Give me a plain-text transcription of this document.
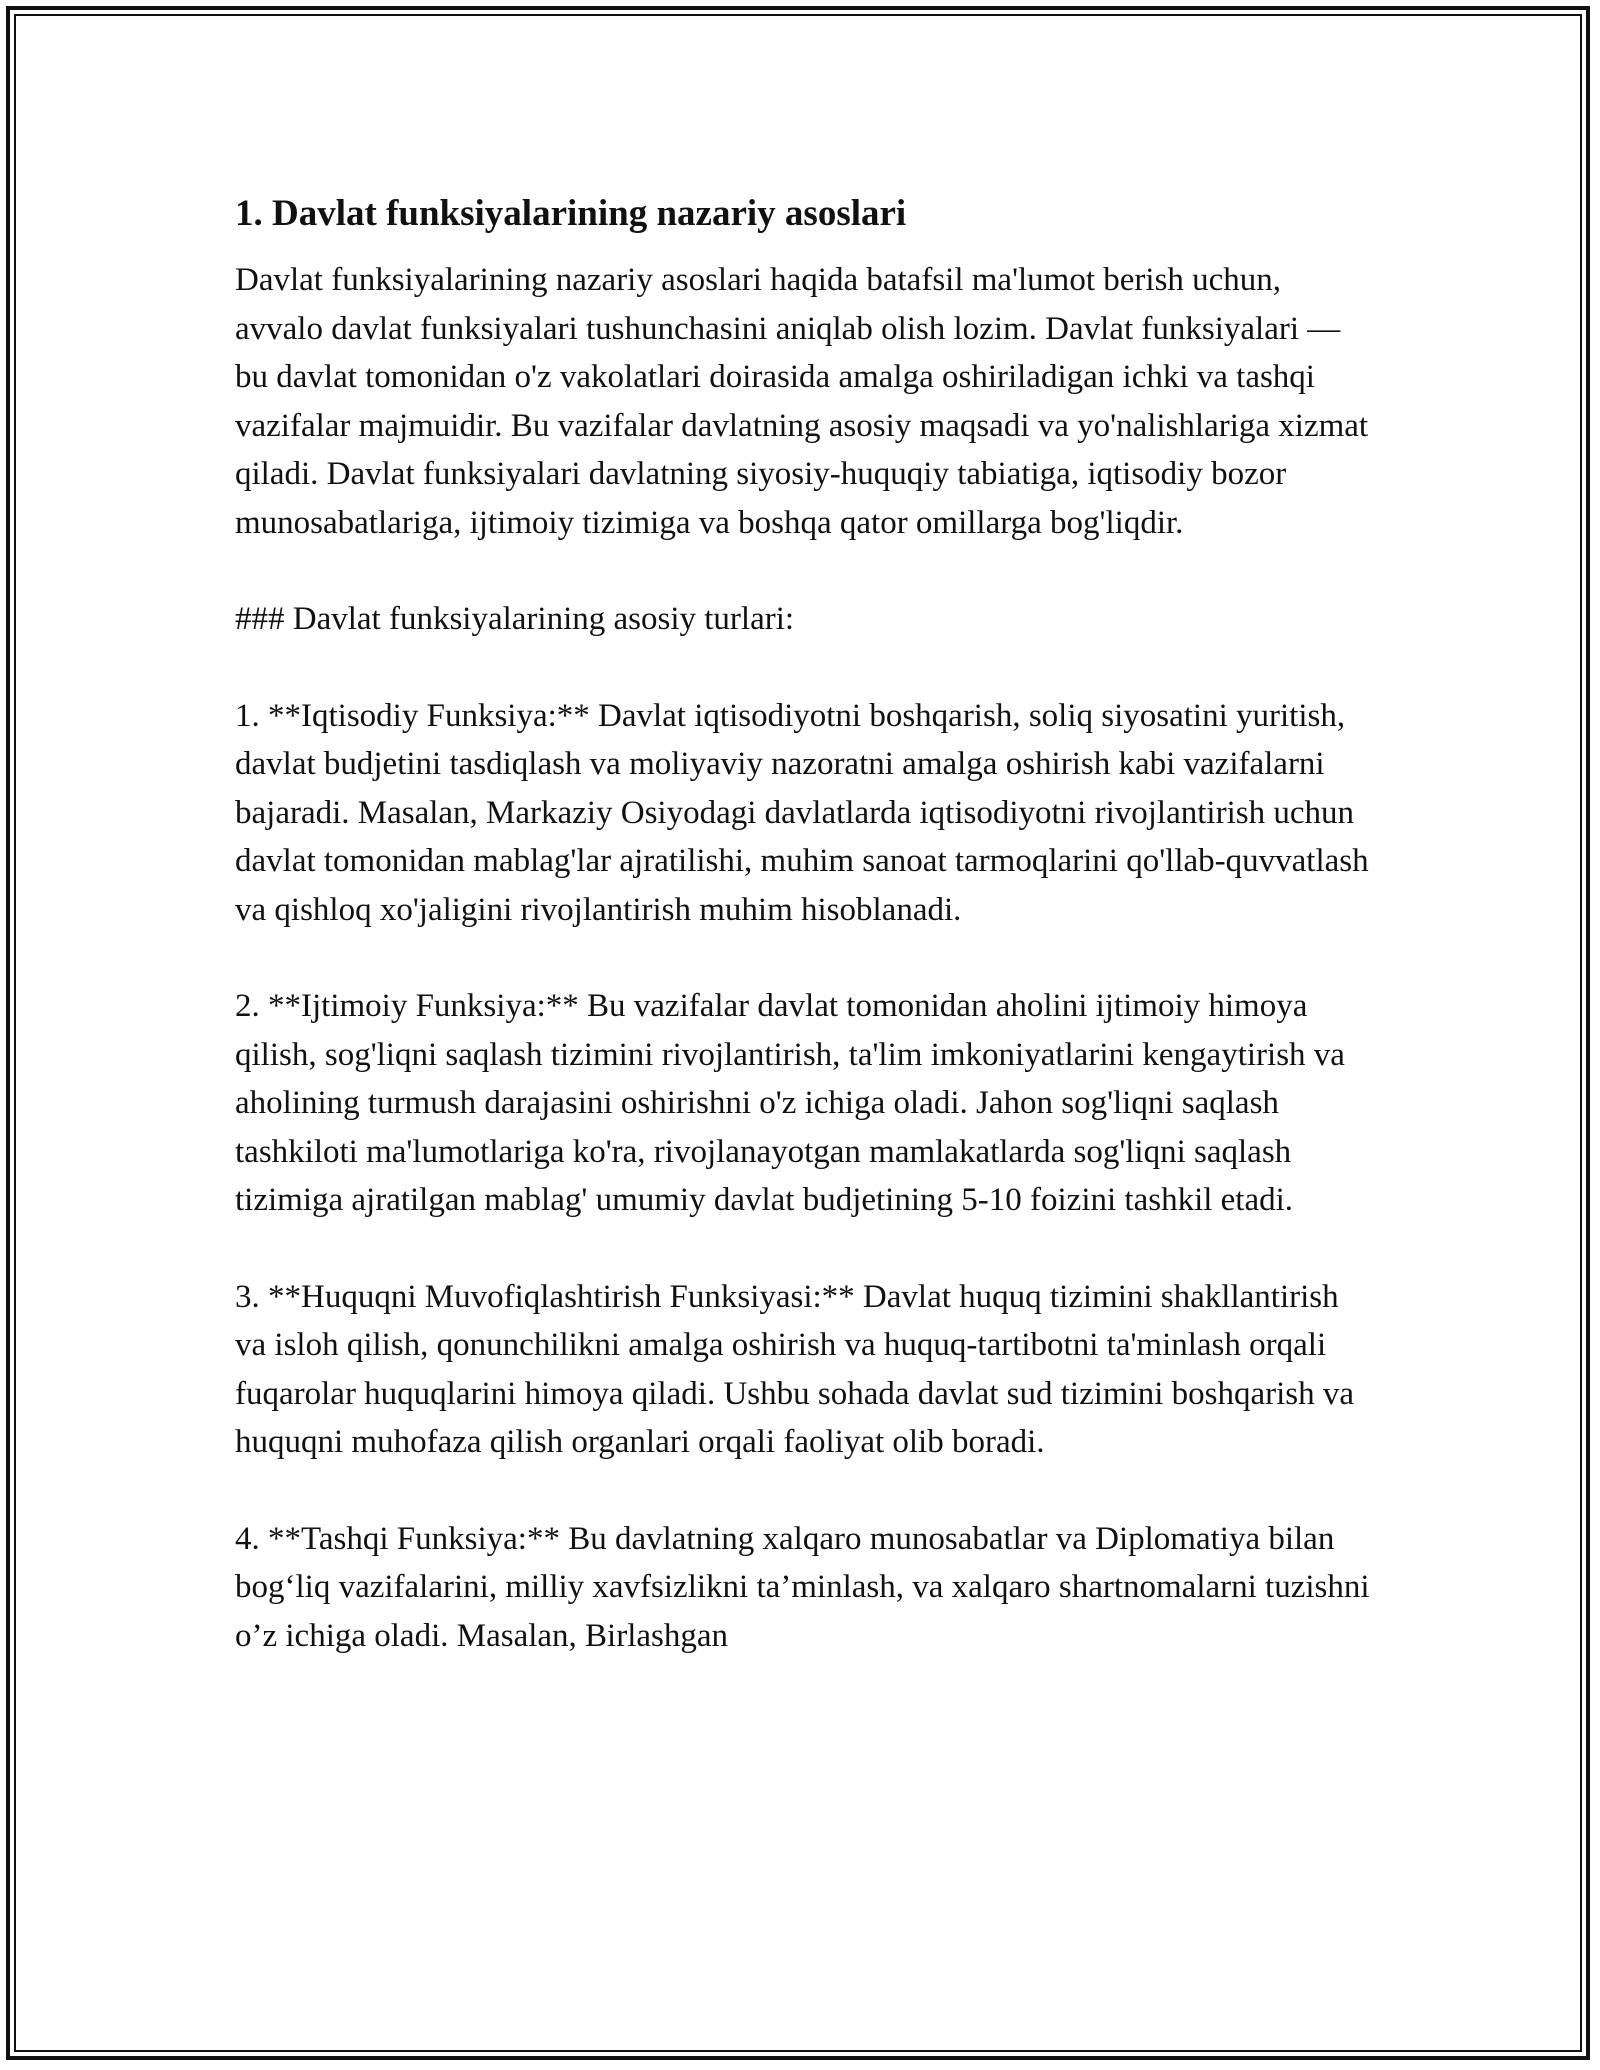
1. Davlat funksiyalarining nazariy asoslari

Davlat funksiyalarining nazariy asoslari haqida batafsil ma'lumot berish uchun, avvalo davlat funksiyalari tushunchasini aniqlab olish lozim. Davlat funksiyalari — bu davlat tomonidan o'z vakolatlari doirasida amalga oshiriladigan ichki va tashqi vazifalar majmuidir. Bu vazifalar davlatning asosiy maqsadi va yo'nalishlariga xizmat qiladi. Davlat funksiyalari davlatning siyosiy-huquqiy tabiatiga, iqtisodiy bozor munosabatlariga, ijtimoiy tizimiga va boshqa qator omillarga bog'liqdir.

### Davlat funksiyalarining asosiy turlari:

1. **Iqtisodiy Funksiya:** Davlat iqtisodiyotni boshqarish, soliq siyosatini yuritish, davlat budjetini tasdiqlash va moliyaviy nazoratni amalga oshirish kabi vazifalarni bajaradi. Masalan, Markaziy Osiyodagi davlatlarda iqtisodiyotni rivojlantirish uchun davlat tomonidan mablag'lar ajratilishi, muhim sanoat tarmoqlarini qo'llab-quvvatlash va qishloq xo'jaligini rivojlantirish muhim hisoblanadi.

2. **Ijtimoiy Funksiya:** Bu vazifalar davlat tomonidan aholini ijtimoiy himoya qilish, sog'liqni saqlash tizimini rivojlantirish, ta'lim imkoniyatlarini kengaytirish va aholining turmush darajasini oshirishni o'z ichiga oladi. Jahon sog'liqni saqlash tashkiloti ma'lumotlariga ko'ra, rivojlanayotgan mamlakatlarda sog'liqni saqlash tizimiga ajratilgan mablag' umumiy davlat budjetining 5-10 foizini tashkil etadi.

3. **Huquqni Muvofiqlashtirish Funksiyasi:** Davlat huquq tizimini shakllantirish va isloh qilish, qonunchilikni amalga oshirish va huquq-tartibotni ta'minlash orqali fuqarolar huquqlarini himoya qiladi. Ushbu sohada davlat sud tizimini boshqarish va huquqni muhofaza qilish organlari orqali faoliyat olib boradi.

4. **Tashqi Funksiya:** Bu davlatning xalqaro munosabatlar va Diplomatiya bilan bog‘liq vazifalarini, milliy xavfsizlikni ta’minlash, va xalqaro shartnomalarni tuzishni o’z ichiga oladi. Masalan, Birlashgan
